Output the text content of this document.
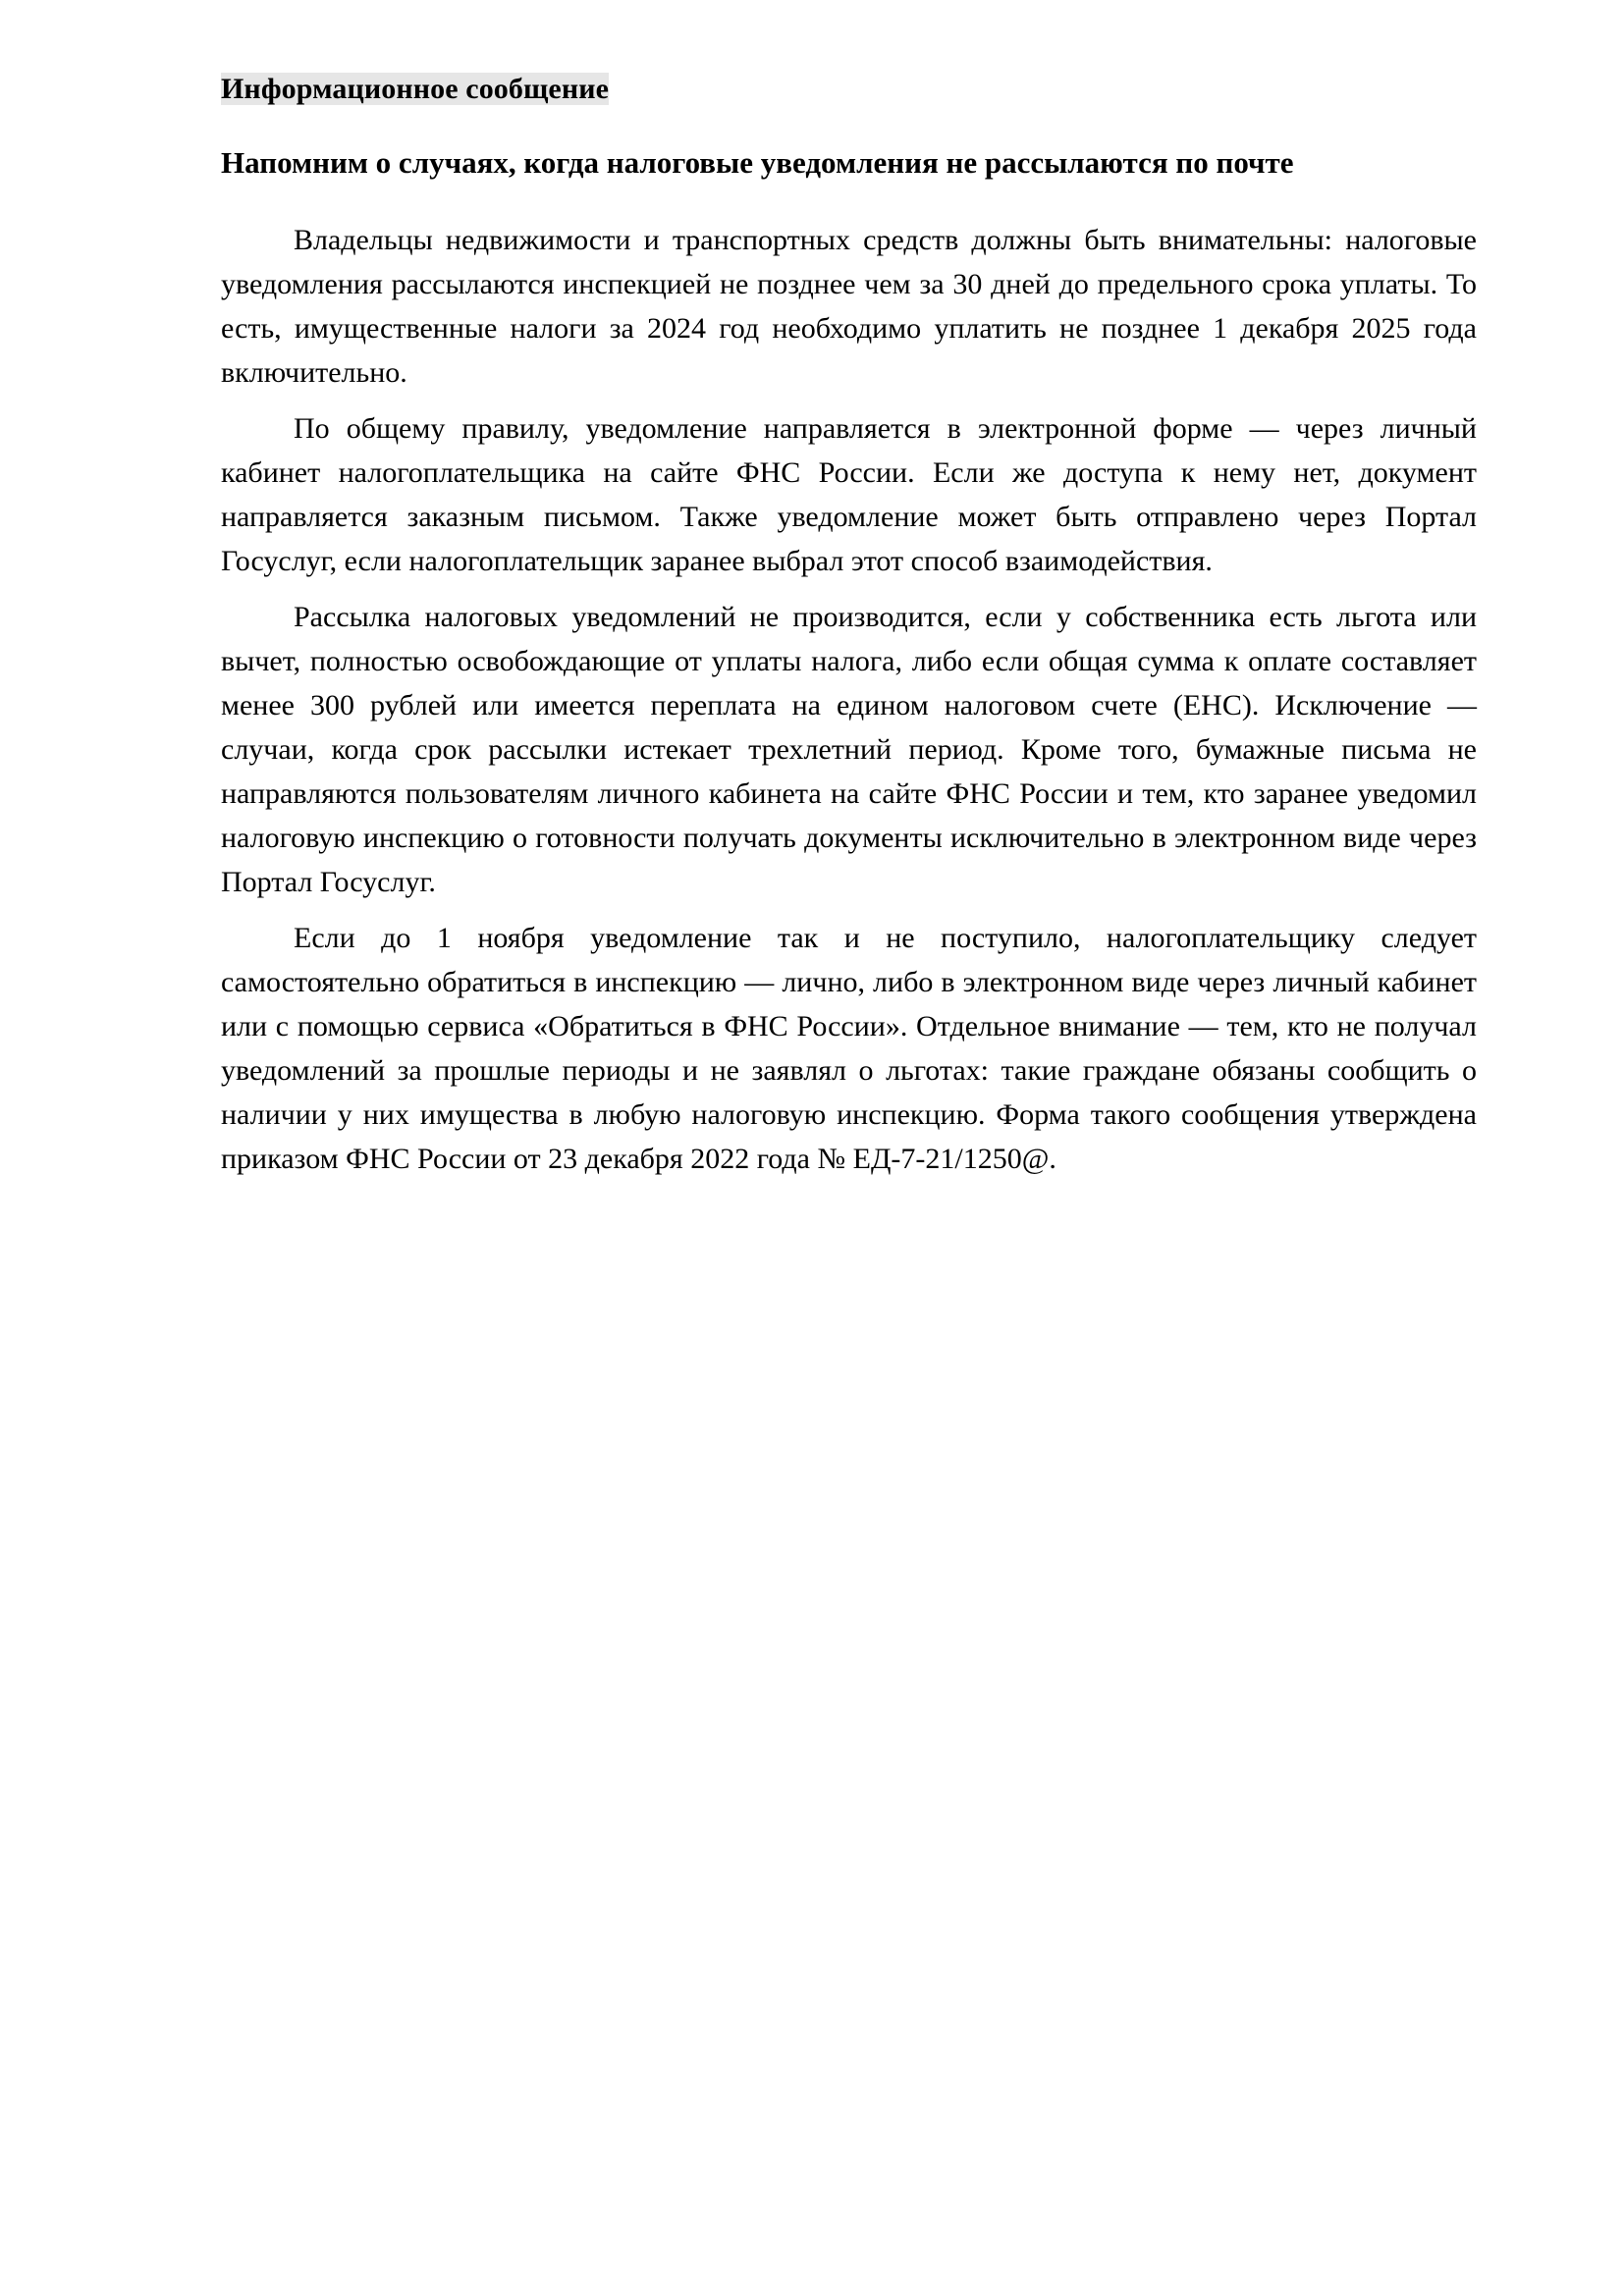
Информационное сообщение
Напомним о случаях, когда налоговые уведомления не рассылаются по почте

Владельцы недвижимости и транспортных средств должны быть внимательны: налоговые уведомления рассылаются инспекцией не позднее чем за 30 дней до предельного срока уплаты. То есть, имущественные налоги за 2024 год необходимо уплатить не позднее 1 декабря 2025 года включительно.

По общему правилу, уведомление направляется в электронной форме — через личный кабинет налогоплательщика на сайте ФНС России. Если же доступа к нему нет, документ направляется заказным письмом. Также уведомление может быть отправлено через Портал Госуслуг, если налогоплательщик заранее выбрал этот способ взаимодействия.

Рассылка налоговых уведомлений не производится, если у собственника есть льгота или вычет, полностью освобождающие от уплаты налога, либо если общая сумма к оплате составляет менее 300 рублей или имеется переплата на едином налоговом счете (ЕНС). Исключение — случаи, когда срок рассылки истекает трехлетний период. Кроме того, бумажные письма не направляются пользователям личного кабинета на сайте ФНС России и тем, кто заранее уведомил налоговую инспекцию о готовности получать документы исключительно в электронном виде через Портал Госуслуг.

Если до 1 ноября уведомление так и не поступило, налогоплательщику следует самостоятельно обратиться в инспекцию — лично, либо в электронном виде через личный кабинет или с помощью сервиса «Обратиться в ФНС России». Отдельное внимание — тем, кто не получал уведомлений за прошлые периоды и не заявлял о льготах: такие граждане обязаны сообщить о наличии у них имущества в любую налоговую инспекцию. Форма такого сообщения утверждена приказом ФНС России от 23 декабря 2022 года № ЕД-7-21/1250@.
